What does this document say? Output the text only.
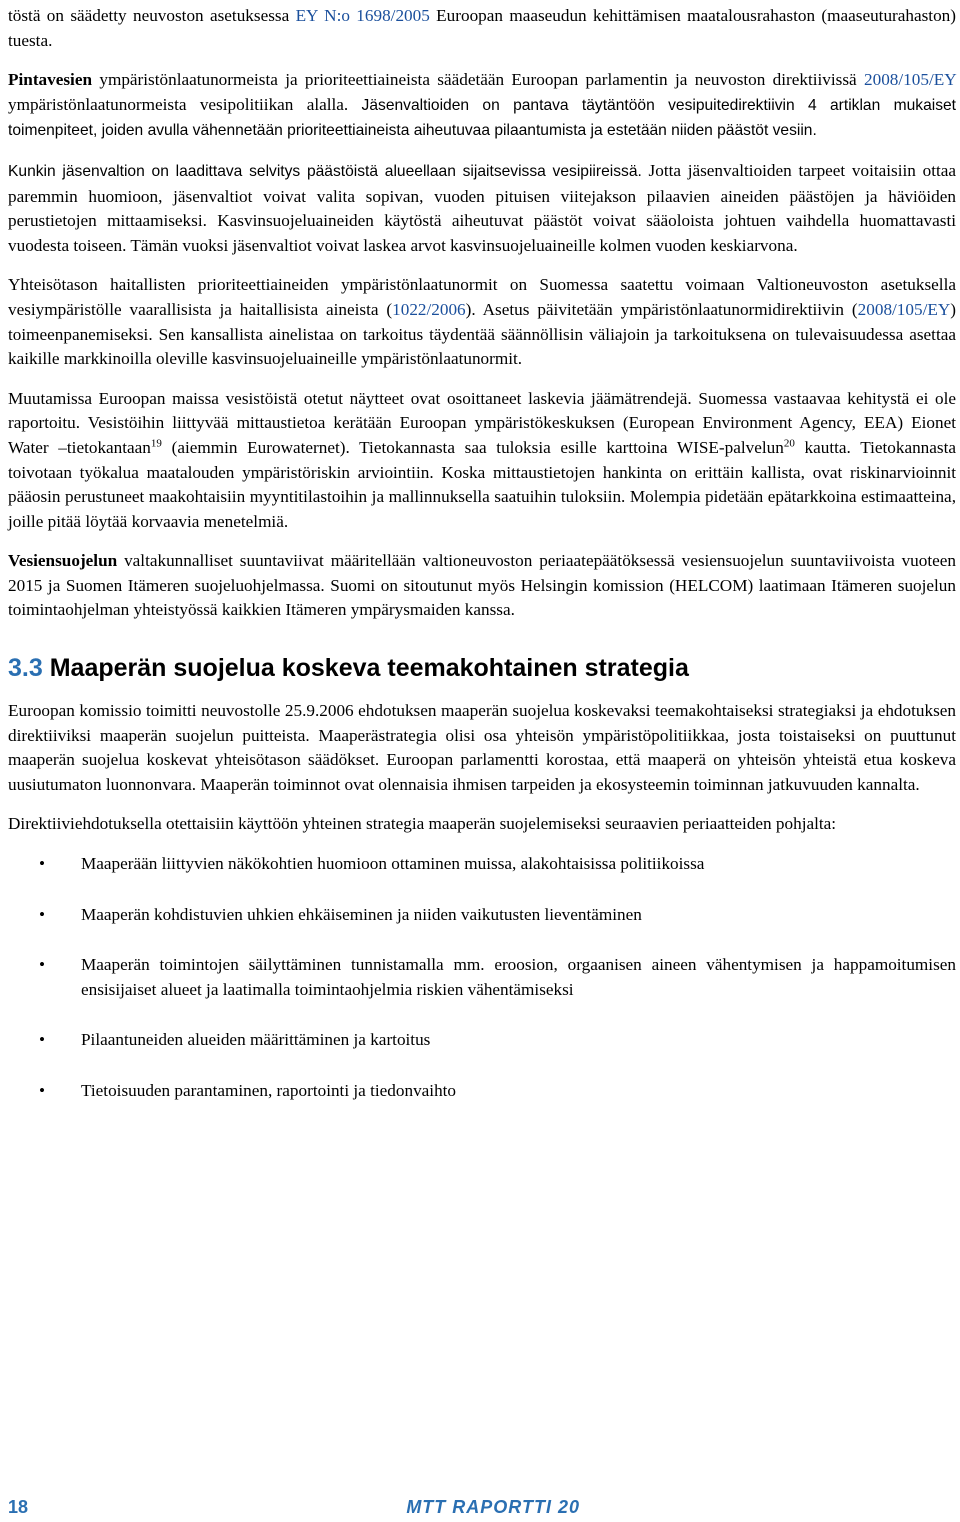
töstä on säädetty neuvoston asetuksessa EY N:o 1698/2005 Euroopan maaseudun kehittämisen maatalousrahaston (maaseuturahaston) tuesta.

Pintavesien ympäristönlaatunormeista ja prioriteettiaineista säädetään Euroopan parlamentin ja neuvoston direktiivissä 2008/105/EY ympäristönlaatunormeista vesipolitiikan alalla. Jäsenvaltioiden on pantava täytäntöön vesipuitedirektiivin 4 artiklan mukaiset toimenpiteet, joiden avulla vähennetään prioriteettiaineista aiheutuvaa pilaantumista ja estetään niiden päästöt vesiin.

Kunkin jäsenvaltion on laadittava selvitys päästöistä alueellaan sijaitsevissa vesipiireissä. Jotta jäsenvaltioiden tarpeet voitaisiin ottaa paremmin huomioon, jäsenvaltiot voivat valita sopivan, vuoden pituisen viitejakson pilaavien aineiden päästöjen ja häviöiden perustietojen mittaamiseksi. Kasvinsuojeluaineiden käytöstä aiheutuvat päästöt voivat sääoloista johtuen vaihdella huomattavasti vuodesta toiseen. Tämän vuoksi jäsenvaltiot voivat laskea arvot kasvinsuojeluaineille kolmen vuoden keskiarvona.

Yhteisötason haitallisten prioriteettiaineiden ympäristönlaatunormit on Suomessa saatettu voimaan Valtioneuvoston asetuksella vesiympäristölle vaarallisista ja haitallisista aineista (1022/2006). Asetus päivitetään ympäristönlaatunormidirektiivin (2008/105/EY) toimeenpanemiseksi. Sen kansallista ainelistaa on tarkoitus täydentää säännöllisin väliajoin ja tarkoituksena on tulevaisuudessa asettaa kaikille markkinoilla oleville kasvinsuojeluaineille ympäristönlaatunormit.

Muutamissa Euroopan maissa vesistöistä otetut näytteet ovat osoittaneet laskevia jäämätrendejä. Suomessa vastaavaa kehitystä ei ole raportoitu. Vesistöihin liittyvää mittaustietoa kerätään Euroopan ympäristökeskuksen (European Environment Agency, EEA) Eionet Water –tietokantaan$^{19}$ (aiemmin Eurowaternet). Tietokannasta saa tuloksia esille karttoina WISE-palvelun$^{20}$ kautta. Tietokannasta toivotaan työkalua maatalouden ympäristöriskin arviointiin. Koska mittaustietojen hankinta on erittäin kallista, ovat riskinarvioinnit pääosin perustuneet maakohtaisiin myyntitilastoihin ja mallinnuksella saatuihin tuloksiin. Molempia pidetään epätarkkoina estimaatteina, joille pitää löytää korvaavia menetelmiä.

Vesiensuojelun valtakunnalliset suuntaviivat määritellään valtioneuvoston periaatepäätöksessä vesiensuojelun suuntaviivoista vuoteen 2015 ja Suomen Itämeren suojeluohjelmassa. Suomi on sitoutunut myös Helsingin komission (HELCOM) laatimaan Itämeren suojelun toimintaohjelman yhteistyössä kaikkien Itämeren ympärysmaiden kanssa.

3.3 Maaperän suojelua koskeva teemakohtainen strategia

Euroopan komissio toimitti neuvostolle 25.9.2006 ehdotuksen maaperän suojelua koskevaksi teemakohtaiseksi strategiaksi ja ehdotuksen direktiiviksi maaperän suojelun puitteista. Maaperästrategia olisi osa yhteisön ympäristöpolitiikkaa, josta toistaiseksi on puuttunut maaperän suojelua koskevat yhteisötason säädökset. Euroopan parlamentti korostaa, että maaperä on yhteisön yhteistä etua koskeva uusiutumaton luonnonvara. Maaperän toiminnot ovat olennaisia ihmisen tarpeiden ja ekosysteemin toiminnan jatkuvuuden kannalta.

Direktiiviehdotuksella otettaisiin käyttöön yhteinen strategia maaperän suojelemiseksi seuraavien periaatteiden pohjalta:

• Maaperään liittyvien näkökohtien huomioon ottaminen muissa, alakohtaisissa politiikoissa
• Maaperän kohdistuvien uhkien ehkäiseminen ja niiden vaikutusten lieventäminen
• Maaperän toimintojen säilyttäminen tunnistamalla mm. eroosion, orgaanisen aineen vähentymisen ja happamoitumisen ensisijaiset alueet ja laatimalla toimintaohjelmia riskien vähentämiseksi
• Pilaantuneiden alueiden määrittäminen ja kartoitus
• Tietoisuuden parantaminen, raportointi ja tiedonvaihto
18	MTT RAPORTTI 20
